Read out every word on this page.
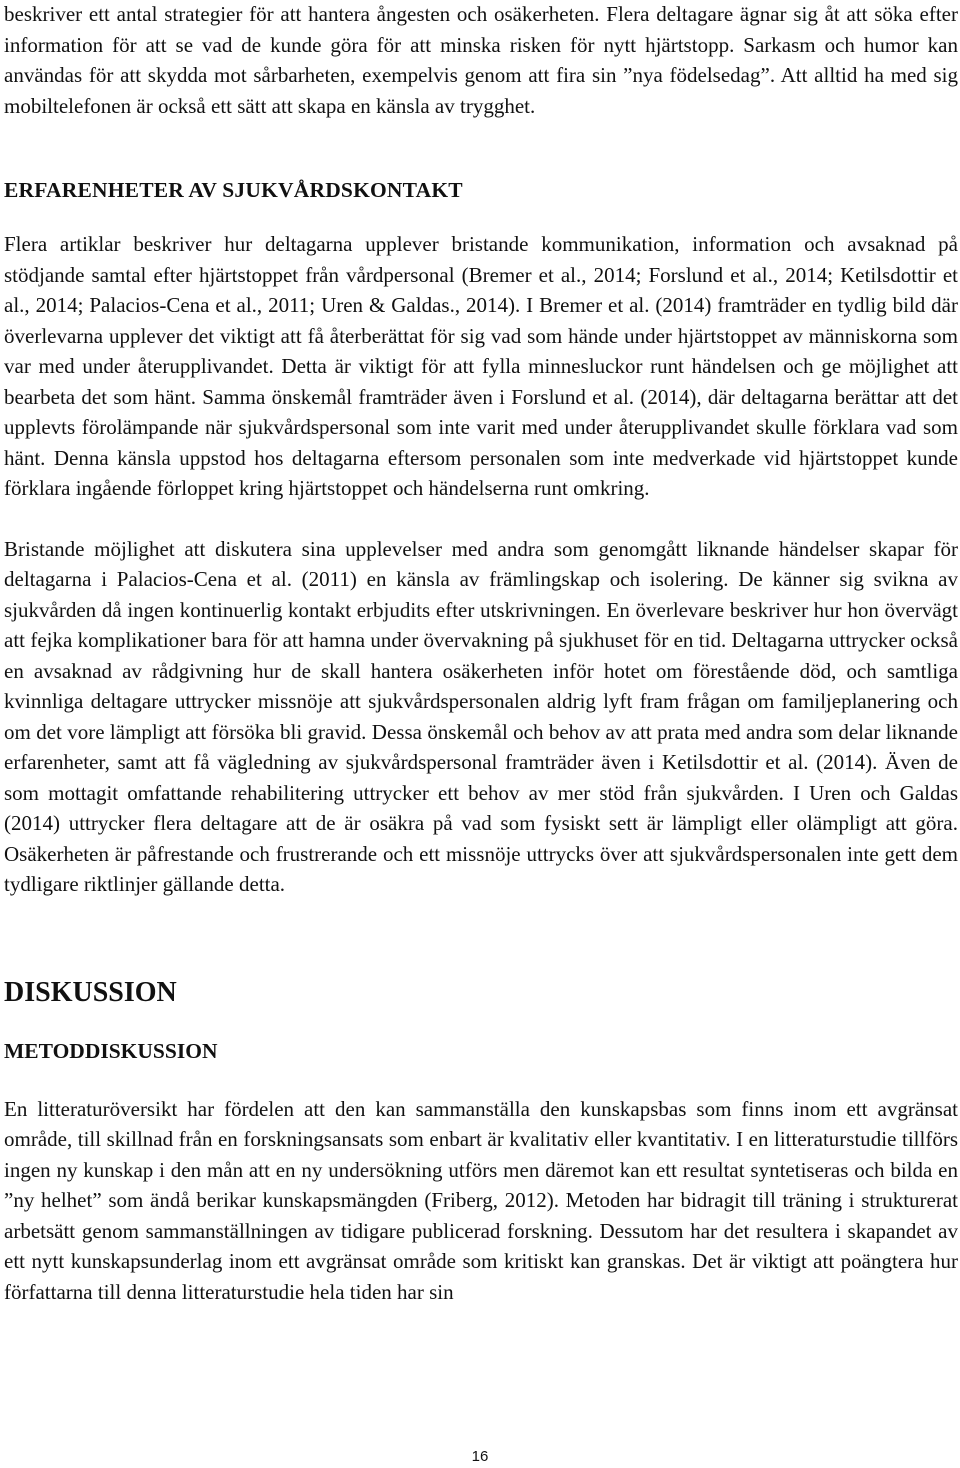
beskriver ett antal strategier för att hantera ångesten och osäkerheten. Flera deltagare ägnar sig åt att söka efter information för att se vad de kunde göra för att minska risken för nytt hjärtstopp. Sarkasm och humor kan användas för att skydda mot sårbarheten, exempelvis genom att fira sin ”nya födelsedag”. Att alltid ha med sig mobiltelefonen är också ett sätt att skapa en känsla av trygghet.

ERFARENHETER AV SJUKVÅRDSKONTAKT

Flera artiklar beskriver hur deltagarna upplever bristande kommunikation, information och avsaknad på stödjande samtal efter hjärtstoppet från vårdpersonal (Bremer et al., 2014; Forslund et al., 2014; Ketilsdottir et al., 2014; Palacios-Cena et al., 2011; Uren & Galdas., 2014). I Bremer et al. (2014) framträder en tydlig bild där överlevarna upplever det viktigt att få återberättat för sig vad som hände under hjärtstoppet av människorna som var med under återupplivandet. Detta är viktigt för att fylla minnesluckor runt händelsen och ge möjlighet att bearbeta det som hänt. Samma önskemål framträder även i Forslund et al. (2014), där deltagarna berättar att det upplevts förolämpande när sjukvårdspersonal som inte varit med under återupplivandet skulle förklara vad som hänt. Denna känsla uppstod hos deltagarna eftersom personalen som inte medverkade vid hjärtstoppet kunde förklara ingående förloppet kring hjärtstoppet och händelserna runt omkring.

Bristande möjlighet att diskutera sina upplevelser med andra som genomgått liknande händelser skapar för deltagarna i Palacios-Cena et al. (2011) en känsla av främlingskap och isolering. De känner sig svikna av sjukvården då ingen kontinuerlig kontakt erbjudits efter utskrivningen. En överlevare beskriver hur hon övervägt att fejka komplikationer bara för att hamna under övervakning på sjukhuset för en tid. Deltagarna uttrycker också en avsaknad av rådgivning hur de skall hantera osäkerheten inför hotet om förestående död, och samtliga kvinnliga deltagare uttrycker missnöje att sjukvårdspersonalen aldrig lyft fram frågan om familjeplanering och om det vore lämpligt att försöka bli gravid. Dessa önskemål och behov av att prata med andra som delar liknande erfarenheter, samt att få vägledning av sjukvårdspersonal framträder även i Ketilsdottir et al. (2014). Även de som mottagit omfattande rehabilitering uttrycker ett behov av mer stöd från sjukvården. I Uren och Galdas (2014) uttrycker flera deltagare att de är osäkra på vad som fysiskt sett är lämpligt eller olämpligt att göra. Osäkerheten är påfrestande och frustrerande och ett missnöje uttrycks över att sjukvårdspersonalen inte gett dem tydligare riktlinjer gällande detta.

DISKUSSION
METODDISKUSSION

En litteraturöversikt har fördelen att den kan sammanställa den kunskapsbas som finns inom ett avgränsat område, till skillnad från en forskningsansats som enbart är kvalitativ eller kvantitativ. I en litteraturstudie tillförs ingen ny kunskap i den mån att en ny undersökning utförs men däremot kan ett resultat syntetiseras och bilda en ”ny helhet” som ändå berikar kunskapsmängden (Friberg, 2012). Metoden har bidragit till träning i strukturerat arbetsätt genom sammanställningen av tidigare publicerad forskning. Dessutom har det resultera i skapandet av ett nytt kunskapsunderlag inom ett avgränsat område som kritiskt kan granskas. Det är viktigt att poängtera hur författarna till denna litteraturstudie hela tiden har sin

16
